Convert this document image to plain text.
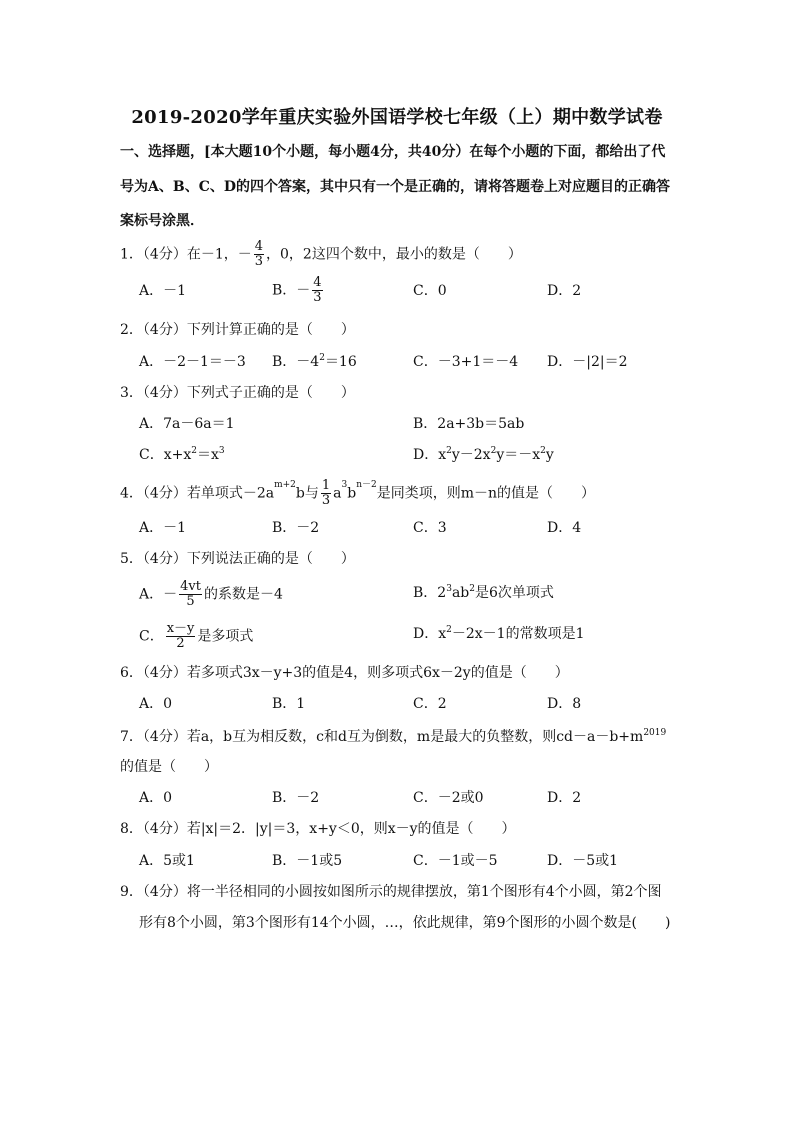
2019-2020学年重庆实验外国语学校七年级（上）期中数学试卷
一、选择题，[本大题10个小题，每小题4分，共40分）在每个小题的下面，都给出了代
号为A、B、C、D的四个答案，其中只有一个是正确的，请将答题卷上对应题目的正确答
案标号涂黑．
1．（4分）在－1，－ $\frac{4}{3}$ ，0，2这四个数中，最小的数是（　　）
A．－1	B．－ $\frac{4}{3}$	C．0	D．2
2．（4分）下列计算正确的是（　　）
A．－2－1＝－3 B．$-4^2=16$	C．－3+1＝－4 D．－|2|＝2
3．（4分）下列式子正确的是（　　）
A．7a－6a＝1	B．2a+3b＝5ab
C．$x+x^2=x^3$	D．$x^2y-2x^2y=-x^2y$
4．（4分）若单项式$-2a^{m+2}b$与 $\frac{1}{3} a^3b^{n-2}$是同类项，则m－n的值是（　　）
A．－1	B．－2	C．3	D．4
5．（4分）下列说法正确的是（　　）
A．－ $\frac{4vt}{5}$ 的系数是－4	B．$2^3ab^2$是6次单项式
C． $\frac{x-y}{2}$ 是多项式	D．$x^2-2x-1$的常数项是1
6．（4分）若多项式3x－y+3的值是4，则多项式6x－2y的值是（　　）
A．0	B．1	C．2	D．8
7．（4分）若a，b互为相反数，c和d互为倒数，m是最大的负整数，则$cd-a-b+m^{2019}$
的值是（　　）
A．0	B．－2	C．－2或0	D．2
8．（4分）若|x|＝2．|y|＝3，x+y＜0，则x－y的值是（　　）
A．5或1	B．－1或5	C．－1或－5	D．－5或1
9．（4分）将一半径相同的小圆按如图所示的规律摆放，第1个图形有4个小圆，第2个图
形有8个小圆，第3个图形有14个小圆，…，依此规律，第9个图形的小圆个数是(　　)
